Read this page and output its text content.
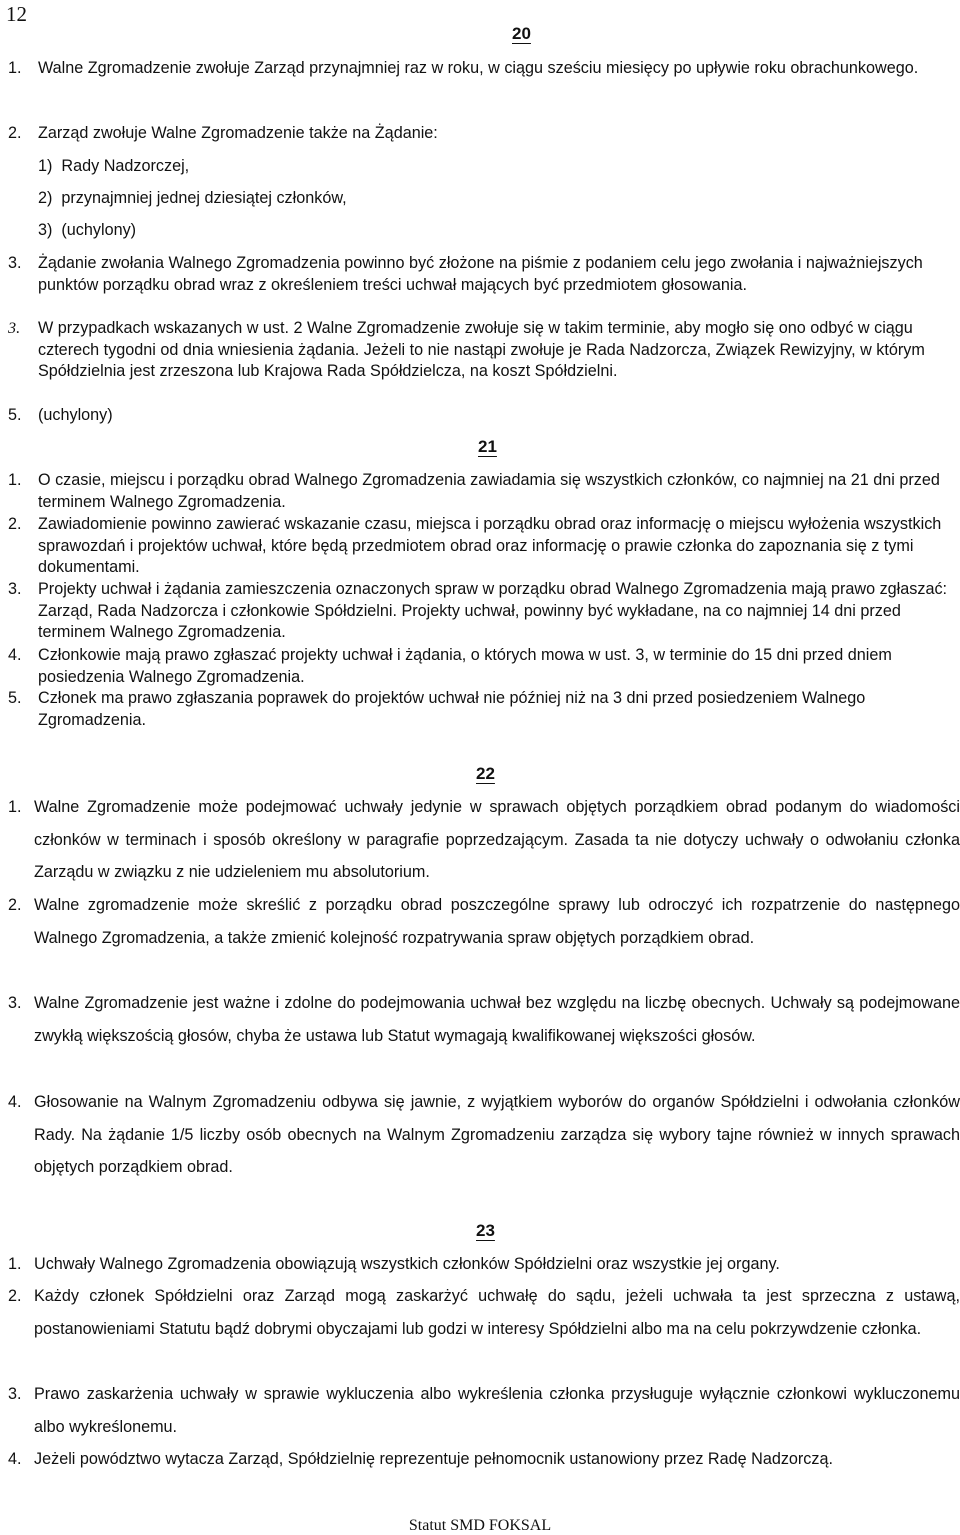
12
20
1. Walne Zgromadzenie zwołuje Zarząd przynajmniej raz w roku, w ciągu sześciu miesięcy po upływie roku obrachunkowego.
2. Zarząd zwołuje Walne Zgromadzenie także na Żądanie:
1) Rady Nadzorczej,
2) przynajmniej jednej dziesiątej członków,
3) (uchylony)
3. Żądanie zwołania Walnego Zgromadzenia powinno być złożone na piśmie z podaniem celu jego zwołania i najważniejszych punktów porządku obrad wraz z określeniem treści uchwał mających być przedmiotem głosowania.
3. W przypadkach wskazanych w ust. 2 Walne Zgromadzenie zwołuje się w takim terminie, aby mogło się ono odbyć w ciągu czterech tygodni od dnia wniesienia żądania. Jeżeli to nie nastąpi zwołuje je Rada Nadzorcza, Związek Rewizyjny, w którym Spółdzielnia jest zrzeszona lub Krajowa Rada Spółdzielcza, na koszt Spółdzielni.
5. (uchylony)
21
1. O czasie, miejscu i porządku obrad Walnego Zgromadzenia zawiadamia się wszystkich członków, co najmniej na 21 dni przed terminem Walnego Zgromadzenia.
2. Zawiadomienie powinno zawierać wskazanie czasu, miejsca i porządku obrad oraz informację o miejscu wyłożenia wszystkich sprawozdań i projektów uchwał, które będą przedmiotem obrad oraz informację o prawie członka do zapoznania się z tymi dokumentami.
3. Projekty uchwał i żądania zamieszczenia oznaczonych spraw w porządku obrad Walnego Zgromadzenia mają prawo zgłaszać: Zarząd, Rada Nadzorcza i członkowie Spółdzielni. Projekty uchwał, powinny być wykładane, na co najmniej 14 dni przed terminem Walnego Zgromadzenia.
4. Członkowie mają prawo zgłaszać projekty uchwał i żądania, o których mowa w ust. 3, w terminie do 15 dni przed dniem posiedzenia Walnego Zgromadzenia.
5. Członek ma prawo zgłaszania poprawek do projektów uchwał nie później niż na 3 dni przed posiedzeniem Walnego Zgromadzenia.
22
1. Walne Zgromadzenie może podejmować uchwały jedynie w sprawach objętych porządkiem obrad podanym do wiadomości członków w terminach i sposób określony w paragrafie poprzedzającym. Zasada ta nie dotyczy uchwały o odwołaniu członka Zarządu w związku z nie udzieleniem mu absolutorium.
2. Walne zgromadzenie może skreślić z porządku obrad poszczególne sprawy lub odroczyć ich rozpatrzenie do następnego Walnego Zgromadzenia, a także zmienić kolejność rozpatrywania spraw objętych porządkiem obrad.
3. Walne Zgromadzenie jest ważne i zdolne do podejmowania uchwał bez względu na liczbę obecnych. Uchwały są podejmowane zwykłą większością głosów, chyba że ustawa lub Statut wymagają kwalifikowanej większości głosów.
4. Głosowanie na Walnym Zgromadzeniu odbywa się jawnie, z wyjątkiem wyborów do organów Spółdzielni i odwołania członków Rady. Na żądanie 1/5 liczby osób obecnych na Walnym Zgromadzeniu zarządza się wybory tajne również w innych sprawach objętych porządkiem obrad.
23
1. Uchwały Walnego Zgromadzenia obowiązują wszystkich członków Spółdzielni oraz wszystkie jej organy.
2. Każdy członek Spółdzielni oraz Zarząd mogą zaskarżyć uchwałę do sądu, jeżeli uchwała ta jest sprzeczna z ustawą, postanowieniami Statutu bądź dobrymi obyczajami lub godzi w interesy Spółdzielni albo ma na celu pokrzywdzenie członka.
3. Prawo zaskarżenia uchwały w sprawie wykluczenia albo wykreślenia członka przysługuje wyłącznie członkowi wykluczonemu albo wykreślonemu.
4. Jeżeli powództwo wytacza Zarząd, Spółdzielnię reprezentuje pełnomocnik ustanowiony przez Radę Nadzorczą.
Statut SMD FOKSAL
